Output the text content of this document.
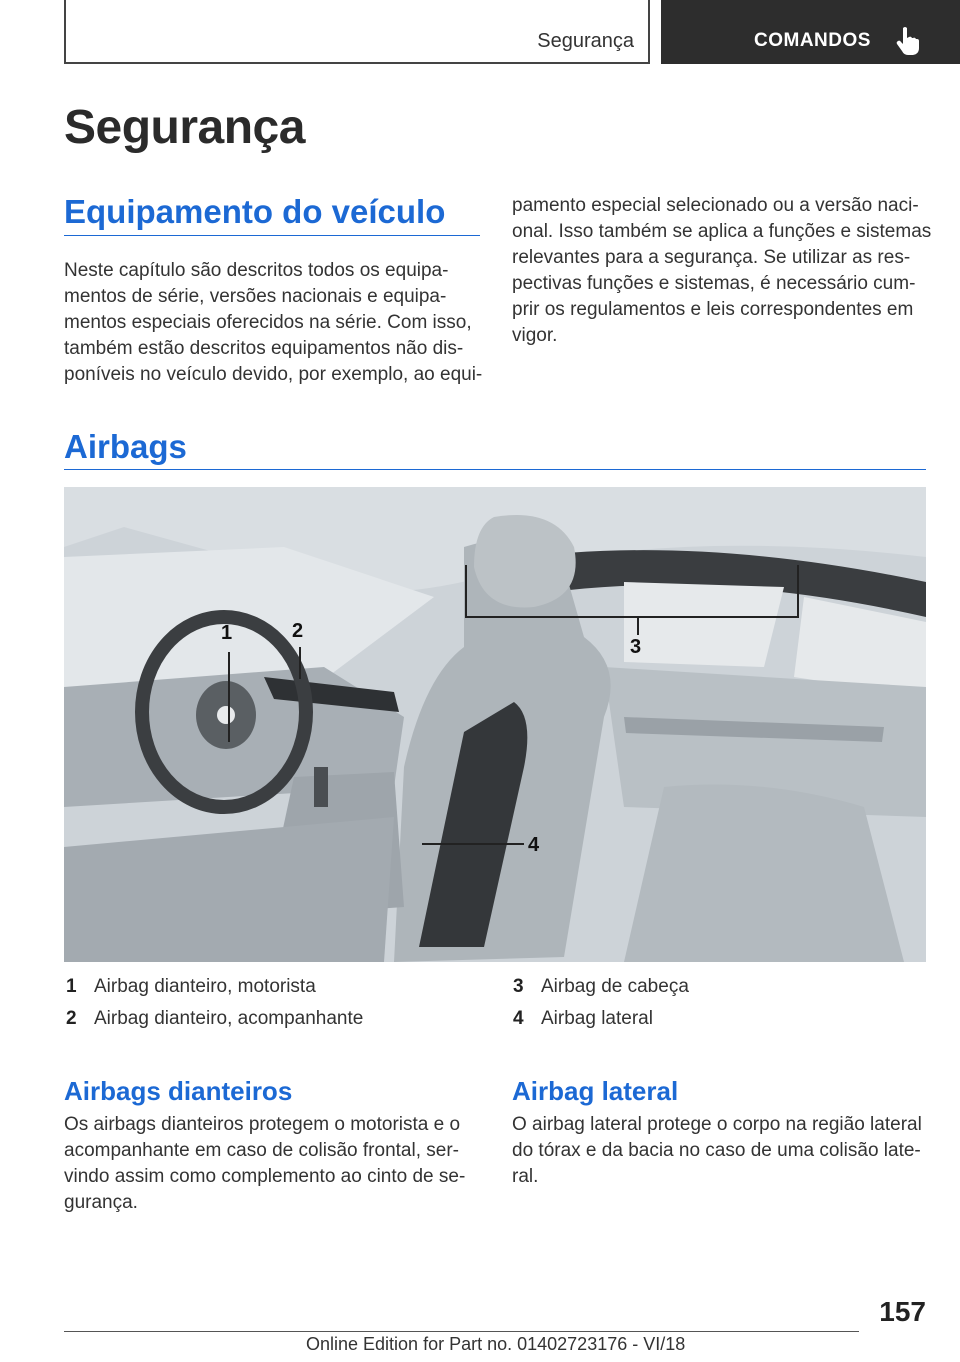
Segurança	COMANDOS
Segurança
Equipamento do veículo
Neste capítulo são descritos todos os equipa‐
mentos de série, versões nacionais e equipa‐
mentos especiais oferecidos na série. Com isso,
também estão descritos equipamentos não dis‐
poníveis no veículo devido, por exemplo, ao equi‐
pamento especial selecionado ou a versão naci‐
onal. Isso também se aplica a funções e sistemas
relevantes para a segurança. Se utilizar as res‐
pectivas funções e sistemas, é necessário cum‐
prir os regulamentos e leis correspondentes em
vigor.
Airbags
1	2
3
4
1 Airbag dianteiro, motorista
2 Airbag dianteiro, acompanhante
3 Airbag de cabeça
4 Airbag lateral
Airbags dianteiros
Os airbags dianteiros protegem o motorista e o
acompanhante em caso de colisão frontal, ser‐
vindo assim como complemento ao cinto de se‐
gurança.
Airbag lateral
O airbag lateral protege o corpo na região lateral
do tórax e da bacia no caso de uma colisão late‐
ral.
157
Online Edition for Part no. 01402723176 - VI/18
